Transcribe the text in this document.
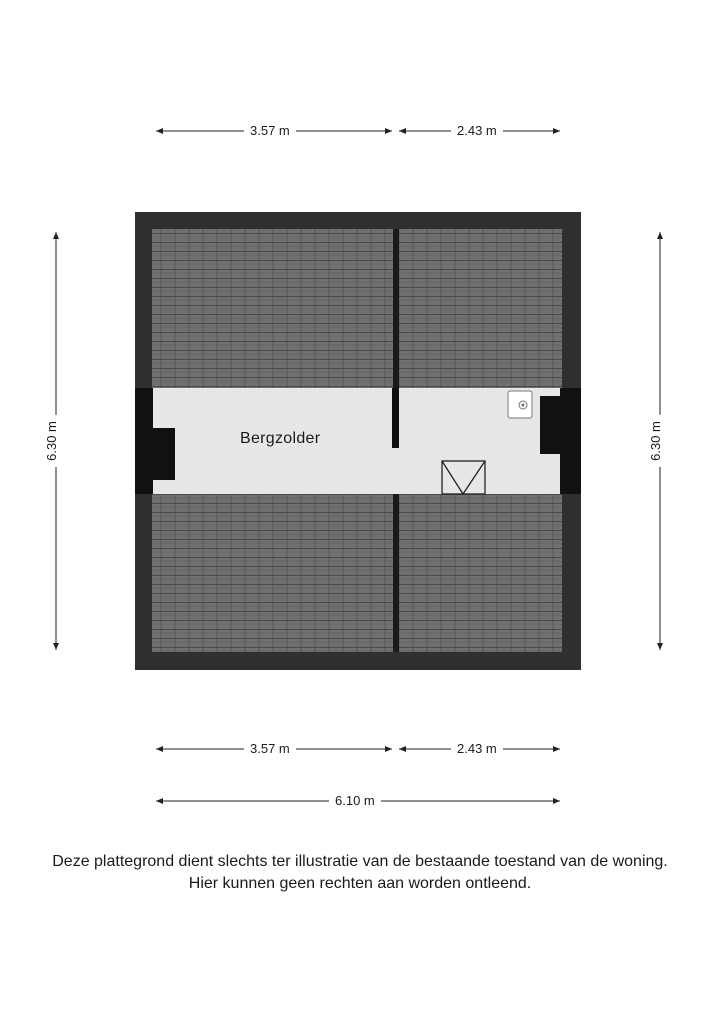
3.57 m	2.43 m
3.57 m	2.43 m
6.10 m
6.30 m	6.30 m
Bergzolder
Deze plattegrond dient slechts ter illustratie van de bestaande toestand van de woning.
Hier kunnen geen rechten aan worden ontleend.
